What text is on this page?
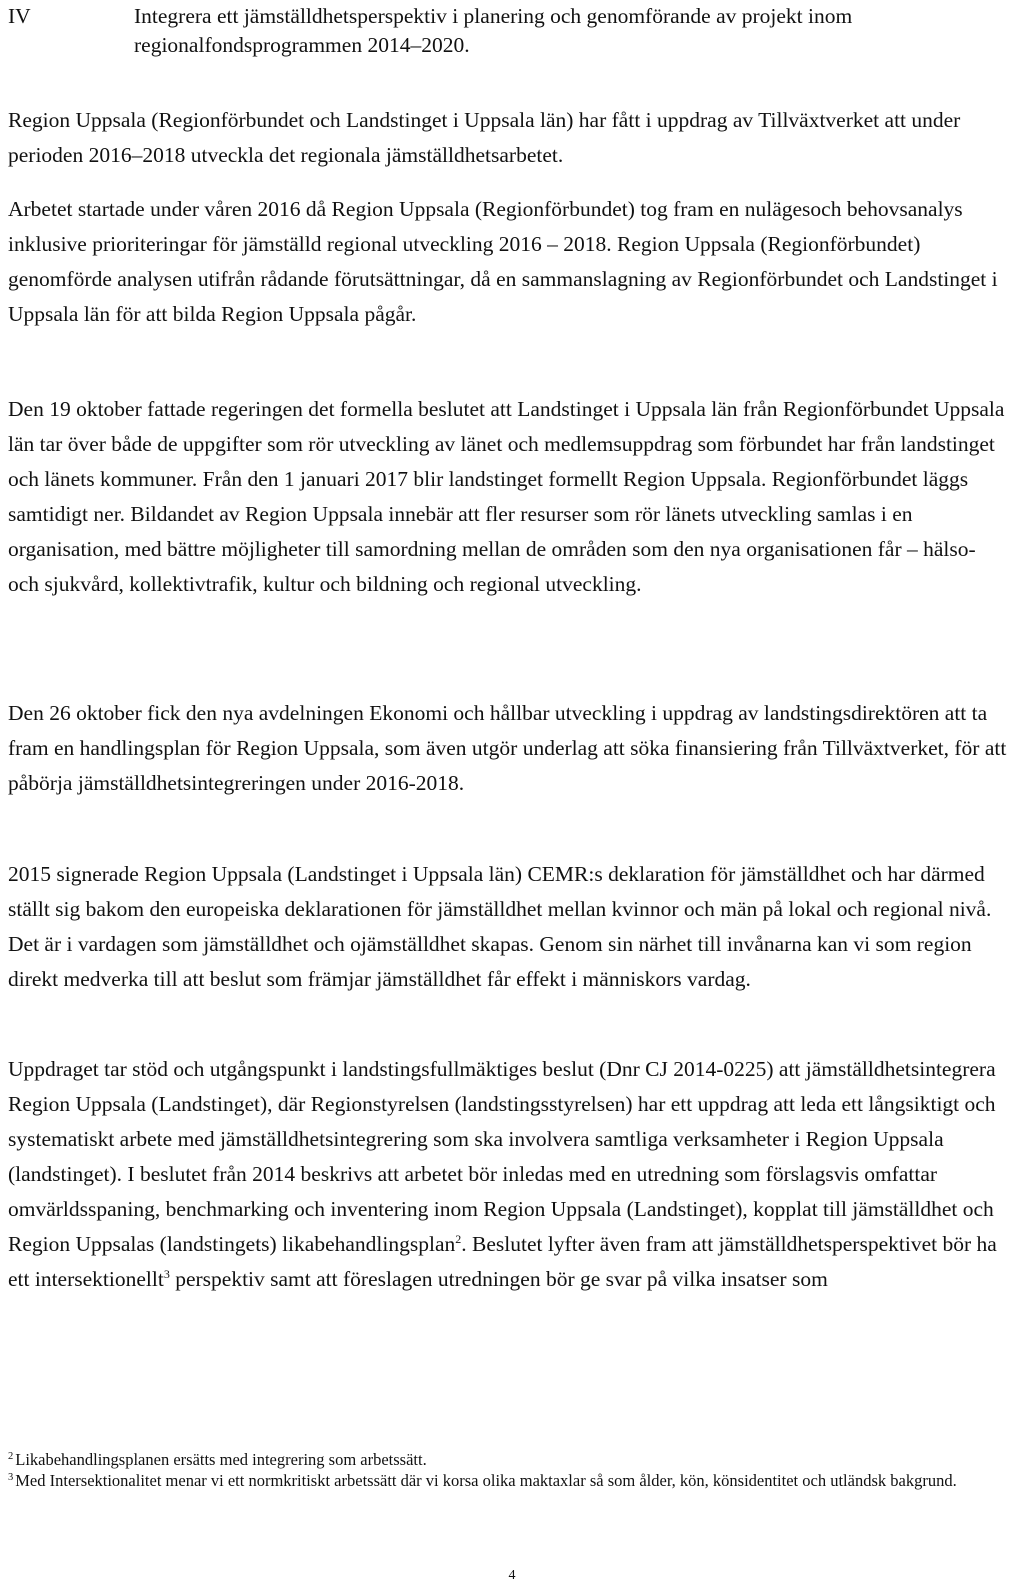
IV	Integrera ett jämställdhetsperspektiv i planering och genomförande av projekt inom regionalfondsprogrammen 2014–2020.

Region Uppsala (Regionförbundet och Landstinget i Uppsala län) har fått i uppdrag av Tillväxtverket att under perioden 2016–2018 utveckla det regionala jämställdhetsarbetet.

Arbetet startade under våren 2016 då Region Uppsala (Regionförbundet) tog fram en nulägesoch behovsanalys inklusive prioriteringar för jämställd regional utveckling 2016 – 2018. Region Uppsala (Regionförbundet) genomförde analysen utifrån rådande förutsättningar, då en sammanslagning av Regionförbundet och Landstinget i Uppsala län för att bilda Region Uppsala pågår.

Den 19 oktober fattade regeringen det formella beslutet att Landstinget i Uppsala län från Regionförbundet Uppsala län tar över både de uppgifter som rör utveckling av länet och medlemsuppdrag som förbundet har från landstinget och länets kommuner. Från den 1 januari 2017 blir landstinget formellt Region Uppsala. Regionförbundet läggs samtidigt ner. Bildandet av Region Uppsala innebär att fler resurser som rör länets utveckling samlas i en organisation, med bättre möjligheter till samordning mellan de områden som den nya organisationen får – hälso- och sjukvård, kollektivtrafik, kultur och bildning och regional utveckling.

Den 26 oktober fick den nya avdelningen Ekonomi och hållbar utveckling i uppdrag av landstingsdirektören att ta fram en handlingsplan för Region Uppsala, som även utgör underlag att söka finansiering från Tillväxtverket, för att påbörja jämställdhetsintegreringen under 2016-2018.

2015 signerade Region Uppsala (Landstinget i Uppsala län) CEMR:s deklaration för jämställdhet och har därmed ställt sig bakom den europeiska deklarationen för jämställdhet mellan kvinnor och män på lokal och regional nivå. Det är i vardagen som jämställdhet och ojämställdhet skapas. Genom sin närhet till invånarna kan vi som region direkt medverka till att beslut som främjar jämställdhet får effekt i människors vardag.

Uppdraget tar stöd och utgångspunkt i landstingsfullmäktiges beslut (Dnr CJ 2014-0225) att jämställdhetsintegrera Region Uppsala (Landstinget), där Regionstyrelsen (landstingsstyrelsen) har ett uppdrag att leda ett långsiktigt och systematiskt arbete med jämställdhetsintegrering som ska involvera samtliga verksamheter i Region Uppsala (landstinget). I beslutet från 2014 beskrivs att arbetet bör inledas med en utredning som förslagsvis omfattar omvärldsspaning, benchmarking och inventering inom Region Uppsala (Landstinget), kopplat till jämställdhet och Region Uppsalas (landstingets) likabehandlingsplan$^2$. Beslutet lyfter även fram att jämställdhetsperspektivet bör ha ett intersektionellt$^3$ perspektiv samt att föreslagen utredningen bör ge svar på vilka insatser som

$^2$ Likabehandlingsplanen ersätts med integrering som arbetssätt.

$^3$ Med Intersektionalitet menar vi ett normkritiskt arbetssätt där vi korsa olika maktaxlar så som ålder, kön, könsidentitet och utländsk bakgrund.

4
